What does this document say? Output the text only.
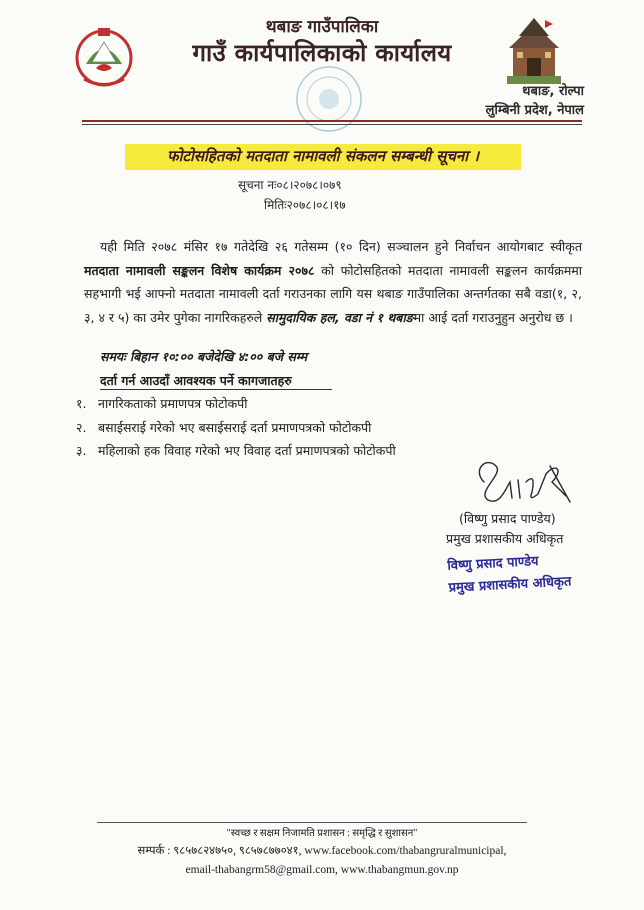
थबाङ गाउँपालिका
गाउँ कार्यपालिकाको कार्यालय
थबाङ, रोल्पा
लुम्बिनी प्रदेश, नेपाल
फोटोसहितको मतदाता नामावली संकलन सम्बन्धी सूचना ।
सूचना नः०८।२०७८।०७९
मितिः२०७८।०८।१७
यही मिति २०७८ मंसिर १७ गतेदेखि २६ गतेसम्म (१० दिन) सञ्चालन हुने निर्वाचन आयोगबाट स्वीकृत मतदाता नामावली सङ्कलन विशेष कार्यक्रम २०७८ को फोटोसहितको मतदाता नामावली सङ्कलन कार्यक्रममा सहभागी भई आफ्नो मतदाता नामावली दर्ता गराउनका लागि यस थबाङ गाउँपालिका अन्तर्गतका सबै वडा(१, २, ३, ४ र ५) का उमेर पुगेका नागरिकहरुले सामुदायिक हल, वडा नं १ थबाङमा आई दर्ता गराउनुहुन अनुरोध छ ।
समयः बिहान १०:०० बजेदेखि ४:०० बजे सम्म
दर्ता गर्न आउदाँ आवश्यक पर्ने कागजातहरु
१. नागरिकताको प्रमाणपत्र फोटोकपी
२. बसाईसराई गरेको भए बसाईसराई दर्ता प्रमाणपत्रको फोटोकपी
३. महिलाको हक विवाह गरेको भए विवाह दर्ता प्रमाणपत्रको फोटोकपी
(विष्णु प्रसाद पाण्डेय)
प्रमुख प्रशासकीय अधिकृत
विष्णु प्रसाद पाण्डेय
प्रमुख प्रशासकीय अधिकृत
"स्वच्छ र सक्षम निजामति प्रशासन : समृद्धि र सुशासन"
सम्पर्क : ९८५७८२४७५०, ९८५७८७७०४१, www.facebook.com/thabangruralmunicipal,
email-thabangrm58@gmail.com, www.thabangmun.gov.np
